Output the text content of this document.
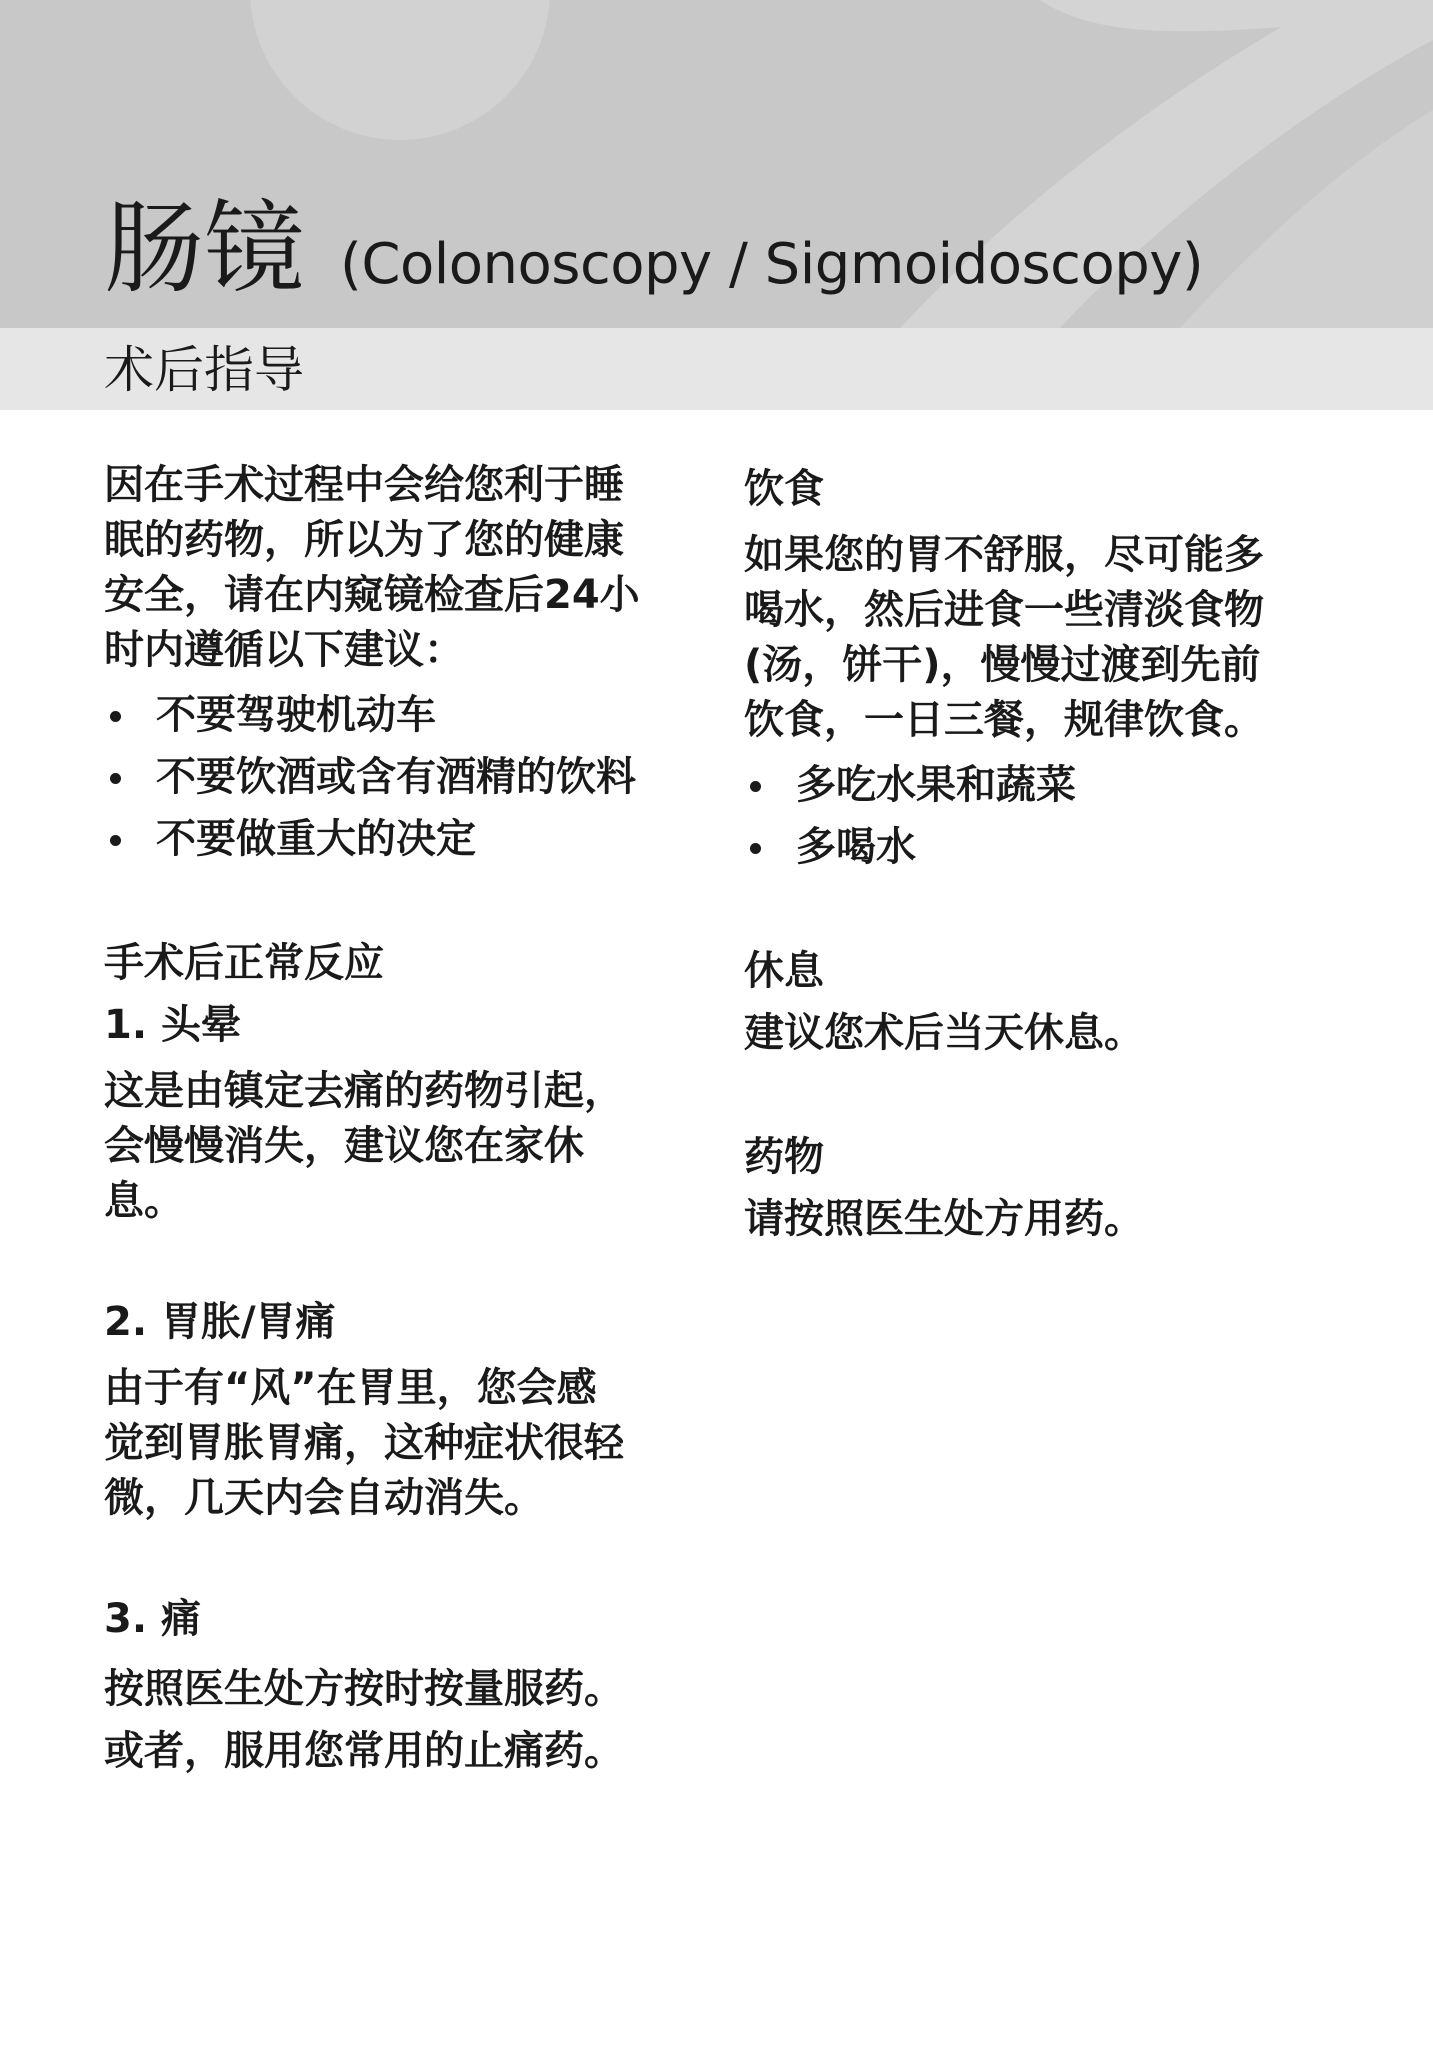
肠镜 (Colonoscopy / Sigmoidoscopy)
术后指导

因在手术过程中会给您利于睡

眠的药物，所以为了您的健康

安全，请在内窥镜检查后24小

时内遵循以下建议：

不要驾驶机动车
不要饮酒或含有酒精的饮料
不要做重大的决定

手术后正常反应

1. 头晕

这是由镇定去痛的药物引起，

会慢慢消失，建议您在家休

息。

2. 胃胀/胃痛

由于有“风”在胃里，您会感

觉到胃胀胃痛，这种症状很轻

微，几天内会自动消失。

3. 痛

按照医生处方按时按量服药。

或者，服用您常用的止痛药。

饮食

如果您的胃不舒服，尽可能多

喝水，然后进食一些清淡食物

(汤，饼干)，慢慢过渡到先前

饮食，一日三餐，规律饮食。

多吃水果和蔬菜
多喝水

休息

建议您术后当天休息。

药物

请按照医生处方用药。
